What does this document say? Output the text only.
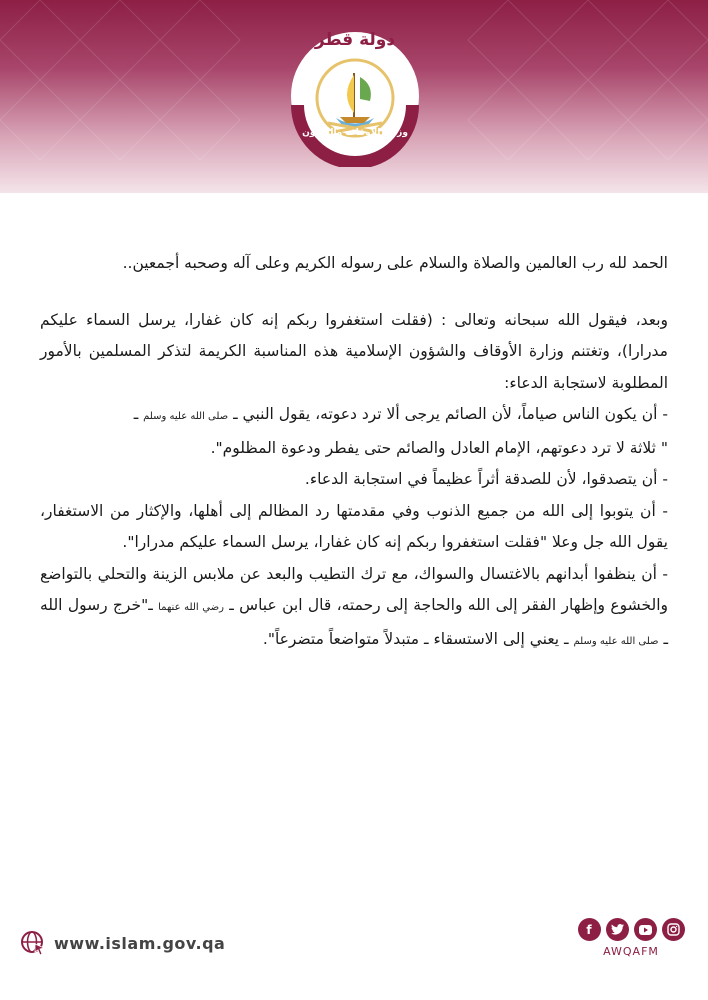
دولة قطر
وزارة الأوقاف والشؤون الإسلامية

الحمد لله رب العالمين والصلاة والسلام على رسوله الكريم وعلى آله وصحبه أجمعين..

وبعد، فيقول الله سبحانه وتعالى : (فقلت استغفروا ربكم إنه كان غفارا، يرسل السماء عليكم مدرارا)، وتغتنم وزارة الأوقاف والشؤون الإسلامية هذه المناسبة الكريمة لتذكر المسلمين بالأمور المطلوبة لاستجابة الدعاء:

- أن يكون الناس صياماً، لأن الصائم يرجى ألا ترد دعوته، يقول النبي ـ صلى الله عليه وسلم ـ

" ثلاثة لا ترد دعوتهم، الإمام العادل والصائم حتى يفطر ودعوة المظلوم".

- أن يتصدقوا، لأن للصدقة أثراً عظيماً في استجابة الدعاء.

- أن يتوبوا إلى الله من جميع الذنوب وفي مقدمتها رد المظالم إلى أهلها، والإكثار من الاستغفار، يقول الله جل وعلا "فقلت استغفروا ربكم إنه كان غفارا، يرسل السماء عليكم مدرارا".

- أن ينظفوا أبدانهم بالاغتسال والسواك، مع ترك التطيب والبعد عن ملابس الزينة والتحلي بالتواضع والخشوع وإظهار الفقر إلى الله والحاجة إلى رحمته، قال ابن عباس ـ رضي الله عنهما ـ"خرج رسول الله ـ صلى الله عليه وسلم ـ يعني إلى الاستسقاء ـ متبدلاً متواضعاً متضرعاً".

www.islam.gov.qa
f
AWQAFM
